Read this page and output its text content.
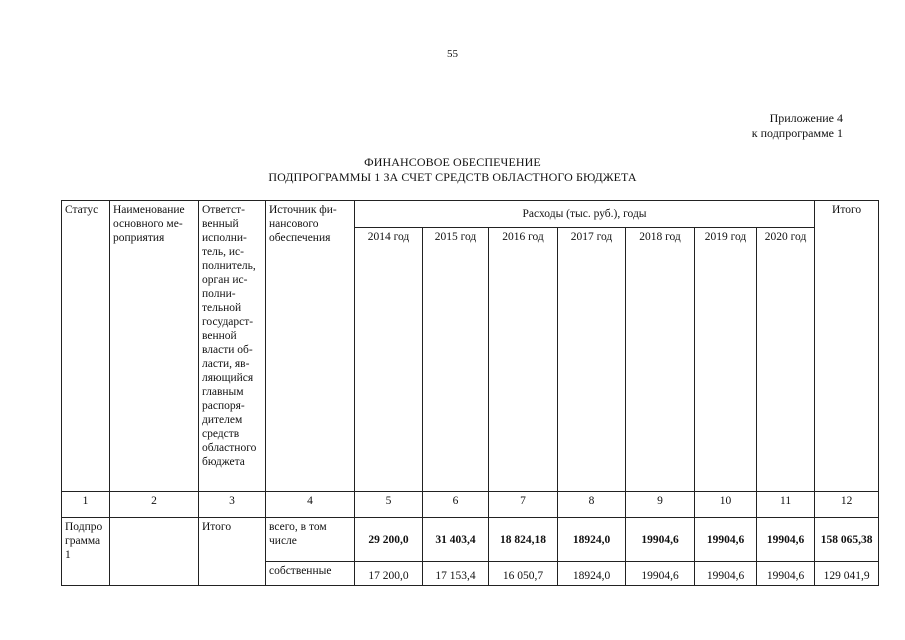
55
Приложение 4
к подпрограмме 1
ФИНАНСОВОЕ ОБЕСПЕЧЕНИЕ
ПОДПРОГРАММЫ 1 ЗА СЧЕТ СРЕДСТВ ОБЛАСТНОГО БЮДЖЕТА
Статус	Наименование основного ме-роприятия	Ответст-венный исполни-тель, ис-полнитель, орган ис-полни-тельной государст-венной власти об-ласти, яв-ляющийся главным распоря-дителем средств областного бюджета	Источник фи-нансового обеспечения	Расходы (тыс. руб.), годы							Итого
				2014 год	2015 год	2016 год	2017 год	2018 год	2019 год	2020 год	
1	2	3	4	5	6	7	8	9	10	11	12
Подпро грамма 1		Итого	всего, в том числе	29 200,0	31 403,4	18 824,18	18924,0	19904,6	19904,6	19904,6	158 065,38
			собственные	17 200,0	17 153,4	16 050,7	18924,0	19904,6	19904,6	19904,6	129 041,9
